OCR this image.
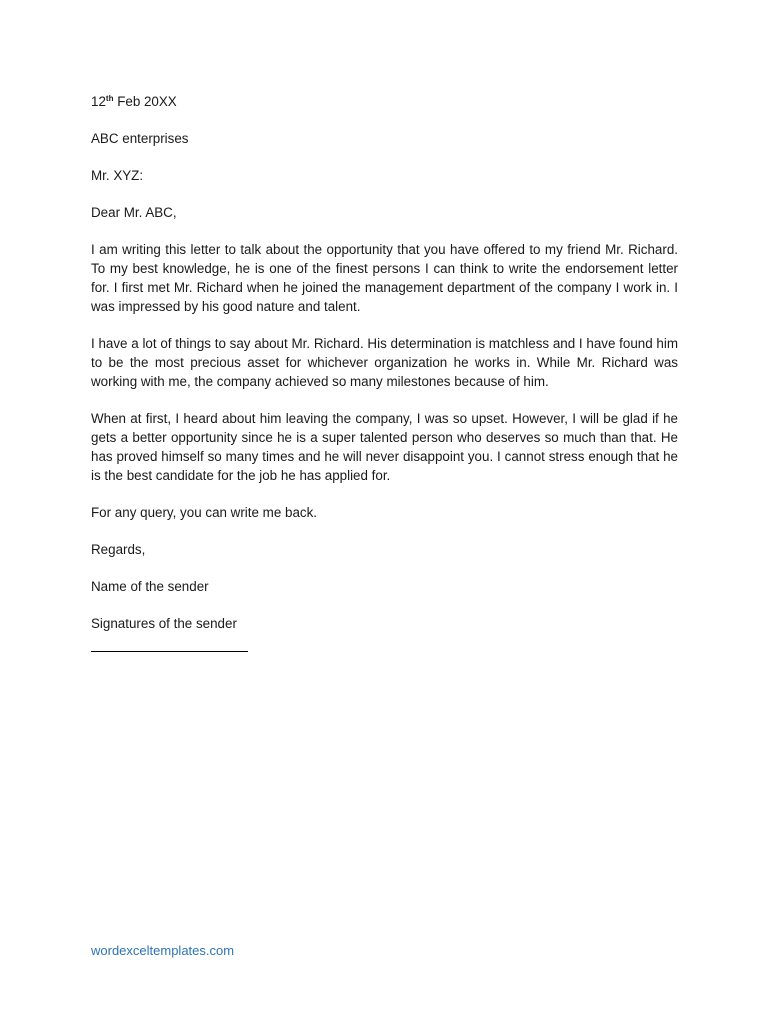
12th Feb 20XX

ABC enterprises

Mr. XYZ:

Dear Mr. ABC,

I am writing this letter to talk about the opportunity that you have offered to my friend Mr. Richard. To my best knowledge, he is one of the finest persons I can think to write the endorsement letter for. I first met Mr. Richard when he joined the management department of the company I work in. I was impressed by his good nature and talent.

I have a lot of things to say about Mr. Richard. His determination is matchless and I have found him to be the most precious asset for whichever organization he works in. While Mr. Richard was working with me, the company achieved so many milestones because of him.

When at first, I heard about him leaving the company, I was so upset. However, I will be glad if he gets a better opportunity since he is a super talented person who deserves so much than that. He has proved himself so many times and he will never disappoint you. I cannot stress enough that he is the best candidate for the job he has applied for.

For any query, you can write me back.

Regards,

Name of the sender

Signatures of the sender

wordexceltemplates.com
